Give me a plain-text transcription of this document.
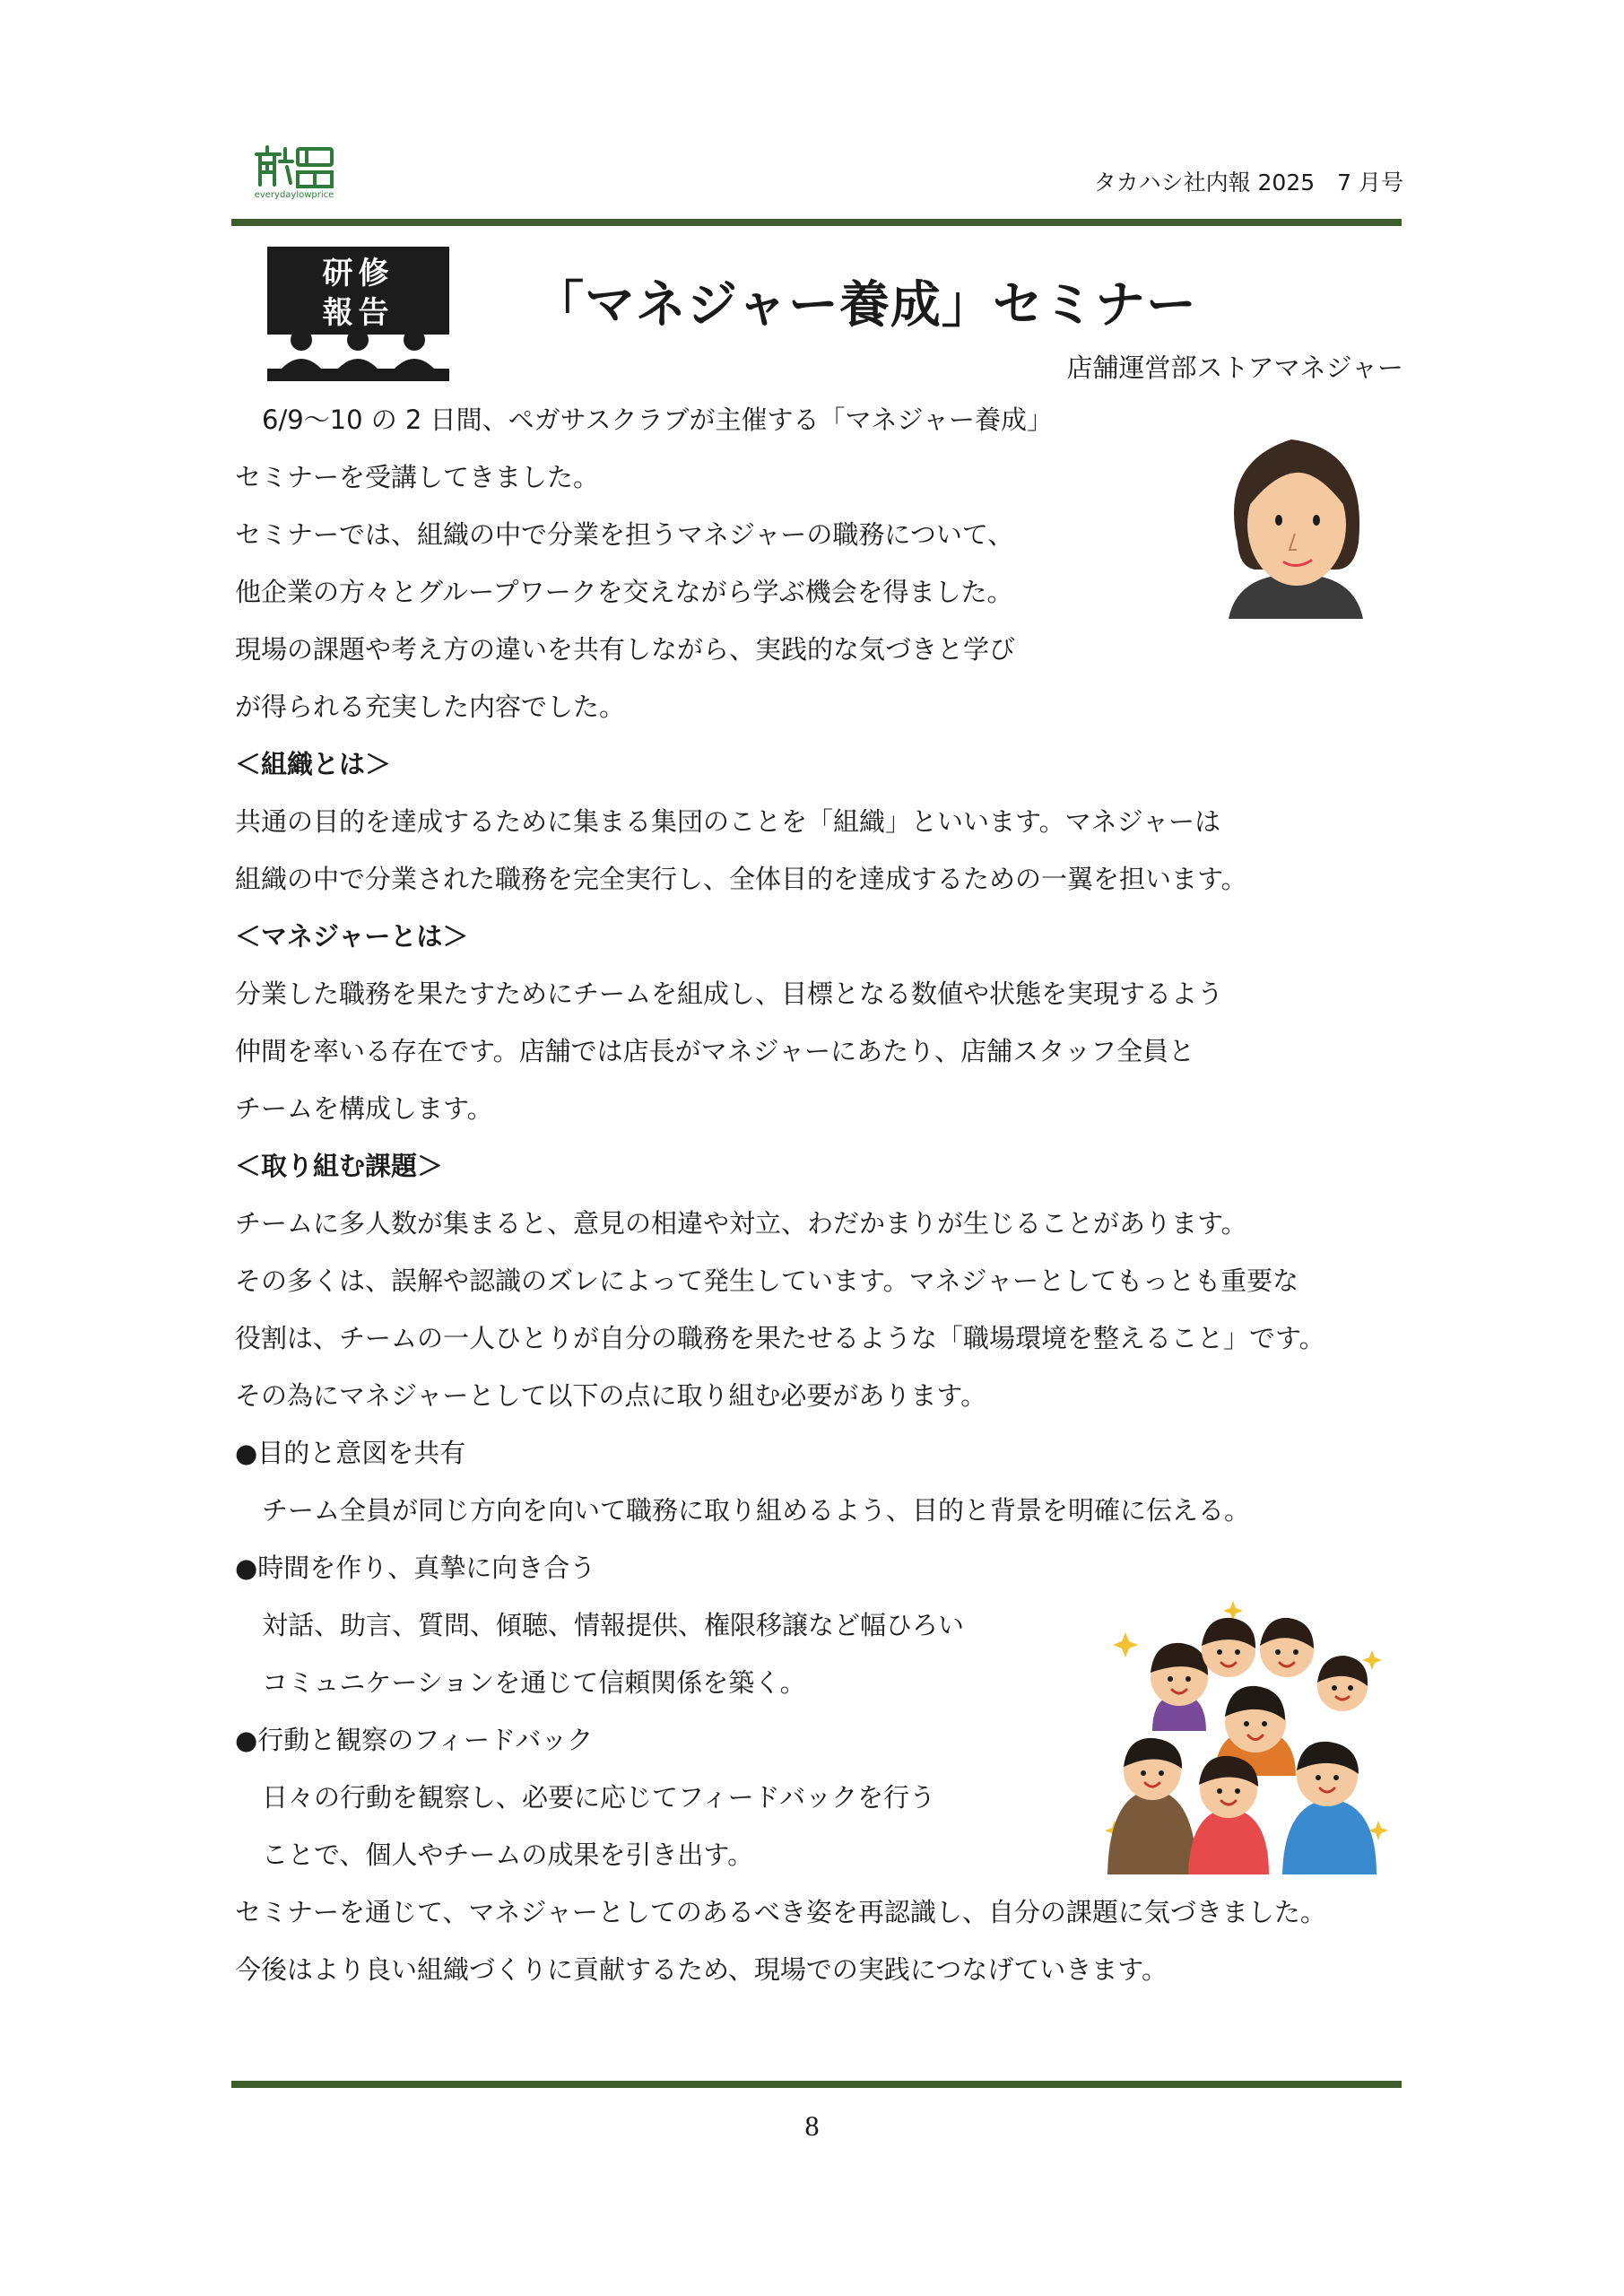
everydaylowprice	タカハシ社内報 2025　7 月号
研修
報告	「マネジャー養成」セミナー
店舗運営部ストアマネジャー
6/9～10 の 2 日間、ペガサスクラブが主催する「マネジャー養成」
セミナーを受講してきました。
セミナーでは、組織の中で分業を担うマネジャーの職務について、
他企業の方々とグループワークを交えながら学ぶ機会を得ました。
現場の課題や考え方の違いを共有しながら、実践的な気づきと学び
が得られる充実した内容でした。
＜組織とは＞
共通の目的を達成するために集まる集団のことを「組織」といいます。マネジャーは
組織の中で分業された職務を完全実行し、全体目的を達成するための一翼を担います。
＜マネジャーとは＞
分業した職務を果たすためにチームを組成し、目標となる数値や状態を実現するよう
仲間を率いる存在です。店舗では店長がマネジャーにあたり、店舗スタッフ全員と
チームを構成します。
＜取り組む課題＞
チームに多人数が集まると、意見の相違や対立、わだかまりが生じることがあります。
その多くは、誤解や認識のズレによって発生しています。マネジャーとしてもっとも重要な
役割は、チームの一人ひとりが自分の職務を果たせるような「職場環境を整えること」です。
その為にマネジャーとして以下の点に取り組む必要があります。
●目的と意図を共有
チーム全員が同じ方向を向いて職務に取り組めるよう、目的と背景を明確に伝える。
●時間を作り、真摯に向き合う
対話、助言、質問、傾聴、情報提供、権限移譲など幅ひろい
コミュニケーションを通じて信頼関係を築く。
●行動と観察のフィードバック
日々の行動を観察し、必要に応じてフィードバックを行う
ことで、個人やチームの成果を引き出す。
セミナーを通じて、マネジャーとしてのあるべき姿を再認識し、自分の課題に気づきました。
今後はより良い組織づくりに貢献するため、現場での実践につなげていきます。
8
